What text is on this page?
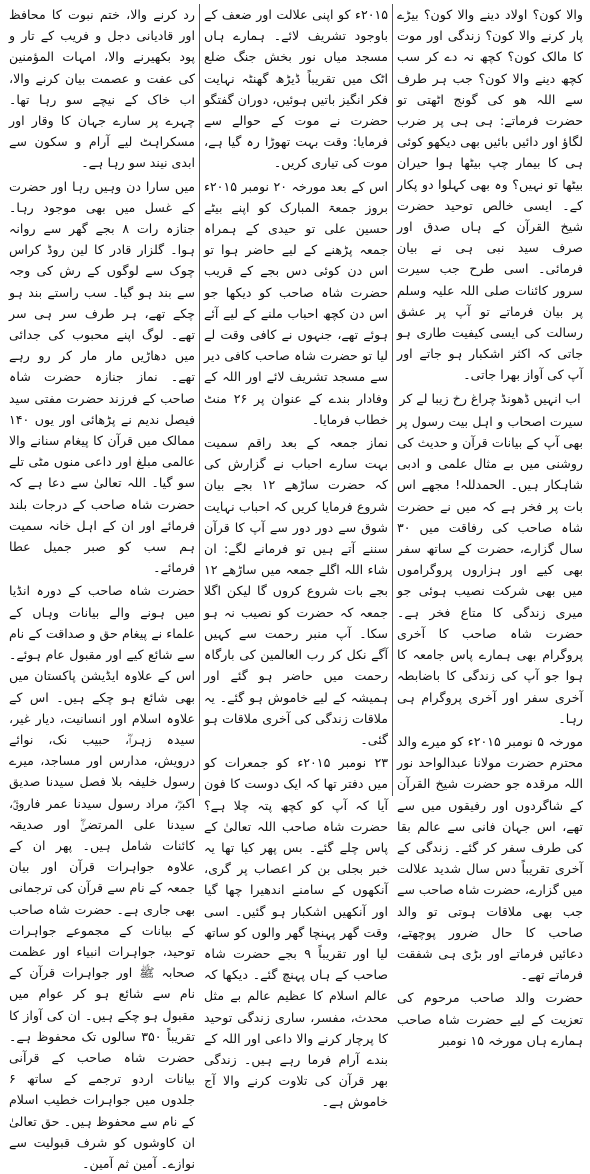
والا کون؟ اولاد دینے والا کون؟ بیڑے پار کرنے والا کون؟ زندگی اور موت کا مالک کون؟ کچھ نہ دے کر سب کچھ دینے والا کون؟ جب ہر طرف سے اللہ ھو کی گونج اٹھتی تو حضرت فرماتے: ہی ہی پر ضرب لگاؤ اور دائیں بائیں بھی دیکھو کوئی ہی کا بیمار چپ بیٹھا ہوا حیران بیٹھا تو نہیں؟ وہ بھی کہلوا دو پکار کے۔ ایسی خالص توحید حضرت شیخ القرآن کے ہاں صدق اور صرف سید نبی ہی نے بیان فرمائی۔ اسی طرح جب سیرت سرور کائنات صلی اللہ علیہ وسلم پر بیان فرماتے تو آپ پر عشق رسالت کی ایسی کیفیت طاری ہو جاتی کہ اکثر اشکبار ہو جاتے اور آپ کی آواز بھرا جاتی۔

اب انہیں ڈھونڈ چراغ رخ زیبا لے کر

سیرت اصحاب و اہل بیت رسول پر بھی آپ کے بیانات قرآن و حدیث کی روشنی میں بے مثال علمی و ادبی شاہکار ہیں۔ الحمدللہ! مجھے اس بات پر فخر ہے کہ میں نے حضرت شاہ صاحب کی رفاقت میں ۳۰ سال گزارے، حضرت کے ساتھ سفر بھی کیے اور ہزاروں پروگراموں میں بھی شرکت نصیب ہوئی جو میری زندگی کا متاع فخر ہے۔ حضرت شاہ صاحب کا آخری پروگرام بھی ہمارے پاس جامعہ کا ہوا جو آپ کی زندگی کا باضابطہ آخری سفر اور آخری پروگرام ہی رہا۔

مورخہ ۵ نومبر ۲۰۱۵ء کو میرے والد محترم حضرت مولانا عبدالواحد نور اللہ مرقدہ جو حضرت شیخ القرآن کے شاگردوں اور رفیقوں میں سے تھے، اس جہان فانی سے عالم بقا کی طرف سفر کر گئے۔ زندگی کے آخری تقریباً دس سال شدید علالت میں گزارے، حضرت شاہ صاحب سے جب بھی ملاقات ہوتی تو والد صاحب کا حال ضرور پوچھتے، دعائیں فرماتے اور بڑی ہی شفقت فرماتے تھے۔

حضرت والد صاحب مرحوم کی تعزیت کے لیے حضرت شاہ صاحب ہمارے ہاں مورخہ ۱۵ نومبر

۲۰۱۵ء کو اپنی علالت اور ضعف کے باوجود تشریف لائے۔ ہمارے ہاں مسجد میاں نور بخش جنگ ضلع اٹک میں تقریباً ڈیڑھ گھنٹہ نہایت فکر انگیز باتیں ہوئیں، دوران گفتگو حضرت نے موت کے حوالے سے فرمایا: وقت بہت تھوڑا رہ گیا ہے، موت کی تیاری کریں۔

اس کے بعد مورخہ ۲۰ نومبر ۲۰۱۵ء بروز جمعۃ المبارک کو اپنے بیٹے حسین علی تو حیدی کے ہمراہ جمعہ پڑھنے کے لیے حاضر ہوا تو اس دن کوئی دس بجے کے قریب حضرت شاہ صاحب کو دیکھا جو اس دن کچھ احباب ملنے کے لیے آئے ہوئے تھے، جنہوں نے کافی وقت لے لیا تو حضرت شاہ صاحب کافی دیر سے مسجد تشریف لائے اور اللہ کے وفادار بندے کے عنوان پر ۲۶ منٹ خطاب فرمایا۔

نماز جمعہ کے بعد راقم سمیت بہت سارے احباب نے گزارش کی کہ حضرت ساڑھے ۱۲ بجے بیان شروع فرمایا کریں کہ احباب نہایت شوق سے دور دور سے آپ کا قرآن سننے آتے ہیں تو فرمانے لگے: ان شاء اللہ اگلے جمعہ میں ساڑھے ۱۲ بجے بات شروع کروں گا لیکن اگلا جمعہ کہ حضرت کو نصیب نہ ہو سکا۔ آپ منبر رحمت سے کہیں آگے نکل کر رب العالمین کی بارگاہ رحمت میں حاضر ہو گئے اور ہمیشہ کے لیے خاموش ہو گئے۔ یہ ملاقات زندگی کی آخری ملاقات ہو گئی۔

۲۳ نومبر ۲۰۱۵ء کو جمعرات کو میں دفتر تھا کہ ایک دوست کا فون آیا کہ آپ کو کچھ پتہ چلا ہے؟ حضرت شاہ صاحب اللہ تعالیٰ کے پاس چلے گئے۔ بس پھر کیا تھا یہ خبر بجلی بن کر اعصاب پر گری، آنکھوں کے سامنے اندھیرا چھا گیا اور آنکھیں اشکبار ہو گئیں۔ اسی وقت گھر پہنچا گھر والوں کو ساتھ لیا اور تقریباً ۹ بجے حضرت شاہ صاحب کے ہاں پہنچ گئے۔ دیکھا کہ عالم اسلام کا عظیم عالم بے مثل محدث، مفسر، ساری زندگی توحید کا پرچار کرنے والا داعی اور اللہ کے بندے آرام فرما رہے ہیں۔ زندگی بھر قرآن کی تلاوت کرنے والا آج خاموش ہے۔

رد کرنے والا، ختم نبوت کا محافظ اور قادیانی دجل و فریب کے تار و پود بکھیرنے والا، امہات المؤمنین کی عفت و عصمت بیان کرنے والا، اب خاک کے نیچے سو رہا تھا۔ چہرے پر سارے جہان کا وقار اور مسکراہٹ لیے آرام و سکون سے ابدی نیند سو رہا ہے۔

میں سارا دن وہیں رہا اور حضرت کے غسل میں بھی موجود رہا۔ جنازہ رات ۸ بجے گھر سے روانہ ہوا۔ گلزار قادر کا لین روڈ کراس چوک سے لوگوں کے رش کی وجہ سے بند ہو گیا۔ سب راستے بند ہو چکے تھے، ہر طرف سر ہی سر تھے۔ لوگ اپنے محبوب کی جدائی میں دھاڑیں مار مار کر رو رہے تھے۔ نماز جنازہ حضرت شاہ صاحب کے فرزند حضرت مفتی سید فیصل ندیم نے پڑھائی اور یوں ۱۴۰ ممالک میں قرآن کا پیغام سنانے والا عالمی مبلغ اور داعی منوں مٹی تلے سو گیا۔ اللہ تعالیٰ سے دعا ہے کہ حضرت شاہ صاحب کے درجات بلند فرمائے اور ان کے اہل خانہ سمیت ہم سب کو صبر جمیل عطا فرمائے۔

حضرت شاہ صاحب کے دورہ انڈیا میں ہونے والے بیانات وہاں کے علماء نے پیغام حق و صداقت کے نام سے شائع کیے اور مقبول عام ہوئے۔ اس کے علاوہ ایڈیشن پاکستان میں بھی شائع ہو چکے ہیں۔ اس کے علاوہ اسلام اور انسانیت، دیار غیر، سیدہ زہراؓ، حبیب نک، نوائے درویش، مدارس اور مساجد، میرے رسول خلیفہ بلا فصل سیدنا صدیق اکبرؓ، مراد رسول سیدنا عمر فاروقؓ، سیدنا علی المرتضیٰؓ اور صدیقہ کائنات شامل ہیں۔ پھر ان کے علاوہ جواہرات قرآن اور بیان جمعہ کے نام سے قرآن کی ترجمانی بھی جاری ہے۔ حضرت شاہ صاحب کے بیانات کے مجموعے جواہرات توحید، جواہرات انبیاء اور عظمت صحابہ ﷺ اور جواہرات قرآن کے نام سے شائع ہو کر عوام میں مقبول ہو چکے ہیں۔ ان کی آواز کا تقریباً ۳۵۰ سالوں تک محفوظ ہے۔ حضرت شاہ صاحب کے قرآنی بیانات اردو ترجمے کے ساتھ ۶ جلدوں میں جواہرات خطیب اسلام کے نام سے محفوظ ہیں۔ حق تعالیٰ ان کاوشوں کو شرف قبولیت سے نوازے۔ آمین ثم آمین۔
